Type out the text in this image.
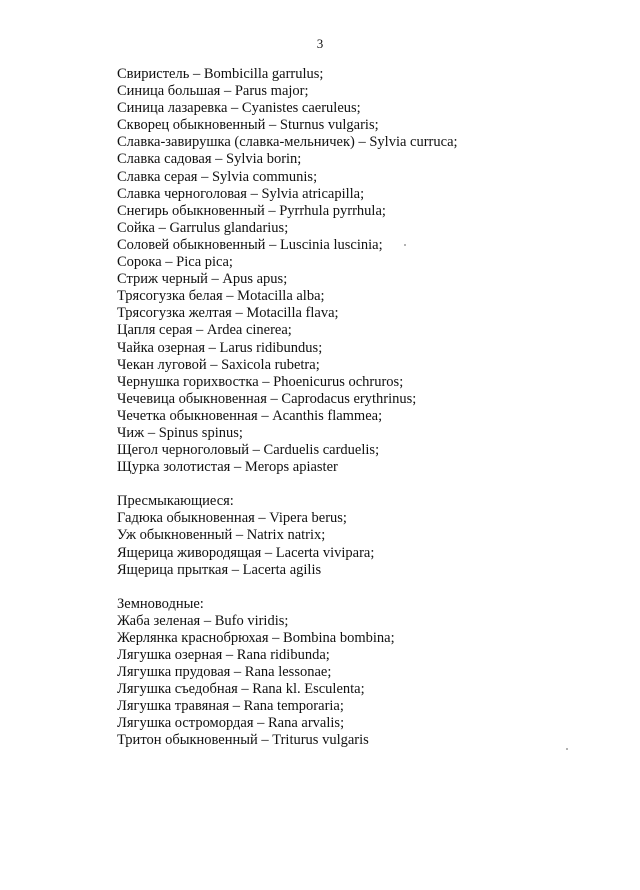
3
Свиристель – Bombicilla garrulus;
Синица большая – Parus major;
Синица лазаревка – Cyanistes caeruleus;
Скворец обыкновенный – Sturnus vulgaris;
Славка-завирушка (славка-мельничек) – Sylvia curruca;
Славка садовая – Sylvia borin;
Славка серая – Sylvia communis;
Славка черноголовая – Sylvia atricapilla;
Снегирь обыкновенный – Pyrrhula pyrrhula;
Сойка – Garrulus glandarius;
Соловей обыкновенный – Luscinia luscinia;
Сорока – Pica pica;
Стриж черный – Apus apus;
Трясогузка белая – Motacilla alba;
Трясогузка желтая – Motacilla flava;
Цапля серая – Ardea cinerea;
Чайка озерная – Larus ridibundus;
Чекан луговой – Saxicola rubetra;
Чернушка горихвостка – Phoenicurus ochruros;
Чечевица обыкновенная – Caprodacus erythrinus;
Чечетка обыкновенная – Acanthis flammea;
Чиж – Spinus spinus;
Щегол черноголовый – Carduelis carduelis;
Щурка золотистая – Merops apiaster
Пресмыкающиеся:
Гадюка обыкновенная – Vipera berus;
Уж обыкновенный – Natrix natrix;
Ящерица живородящая – Lacerta vivipara;
Ящерица прыткая – Lacerta agilis
Земноводные:
Жаба зеленая – Bufo viridis;
Жерлянка краснобрюхая – Bombina bombina;
Лягушка озерная – Rana ridibunda;
Лягушка прудовая – Rana lessonae;
Лягушка съедобная – Rana kl. Esculenta;
Лягушка травяная – Rana temporaria;
Лягушка остромордая – Rana arvalis;
Тритон обыкновенный – Triturus vulgaris
